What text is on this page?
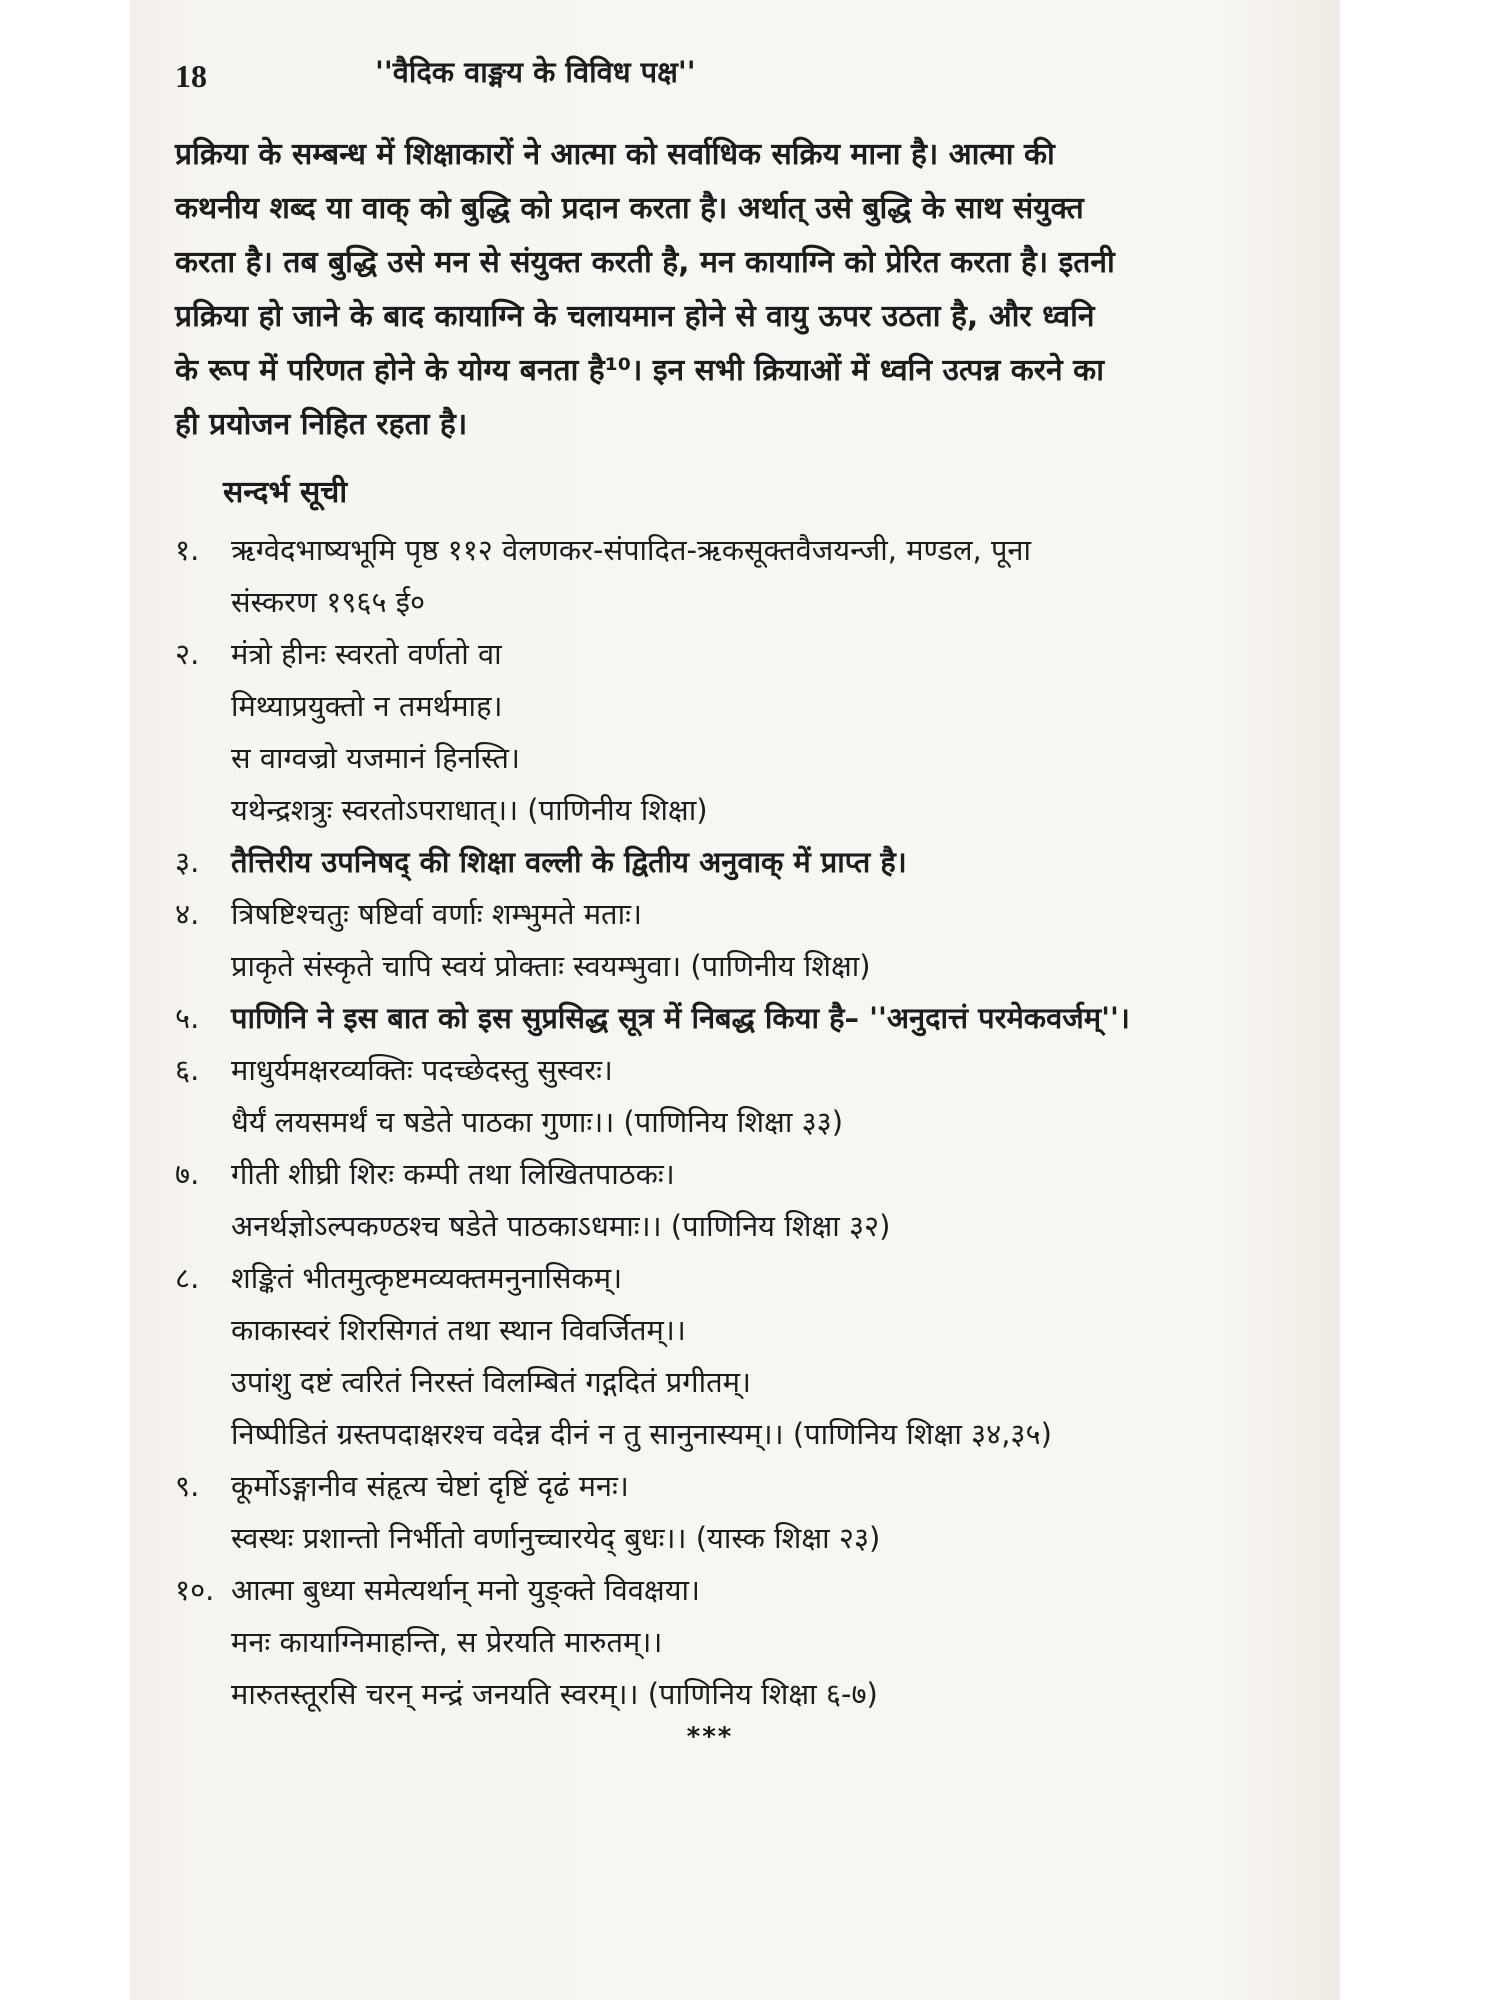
18	''वैदिक वाङ्मय के विविध पक्ष''
प्रक्रिया के सम्बन्ध में शिक्षाकारों ने आत्मा को सर्वाधिक सक्रिय माना है। आत्मा की
कथनीय शब्द या वाक् को बुद्धि को प्रदान करता है। अर्थात् उसे बुद्धि के साथ संयुक्त
करता है। तब बुद्धि उसे मन से संयुक्त करती है, मन कायाग्नि को प्रेरित करता है। इतनी
प्रक्रिया हो जाने के बाद कायाग्नि के चलायमान होने से वायु ऊपर उठता है, और ध्वनि
के रूप में परिणत होने के योग्य बनता है¹⁰। इन सभी क्रियाओं में ध्वनि उत्पन्न करने का
ही प्रयोजन निहित रहता है।
सन्दर्भ सूची
१.	ऋग्वेदभाष्यभूमि पृष्ठ ११२ वेलणकर-संपादित-ऋकसूक्तवैजयन्जी, मण्डल, पूना
संस्करण १९६५ ई०
२.	मंत्रो हीनः स्वरतो वर्णतो वा
मिथ्याप्रयुक्तो न तमर्थमाह।
स वाग्वज्रो यजमानं हिनस्ति।
यथेन्द्रशत्रुः स्वरतोऽपराधात्।। (पाणिनीय शिक्षा)
३.	तैत्तिरीय उपनिषद् की शिक्षा वल्ली के द्वितीय अनुवाक् में प्राप्त है।
४.	त्रिषष्टिश्चतुः षष्टिर्वा वर्णाः शम्भुमते मताः।
प्राकृते संस्कृते चापि स्वयं प्रोक्ताः स्वयम्भुवा। (पाणिनीय शिक्षा)
५.	पाणिनि ने इस बात को इस सुप्रसिद्ध सूत्र में निबद्ध किया है– ''अनुदात्तं परमेकवर्जम्''।
६.	माधुर्यमक्षरव्यक्तिः पदच्छेदस्तु सुस्वरः।
धैर्यं लयसमर्थं च षडेते पाठका गुणाः।। (पाणिनिय शिक्षा ३३)
७.	गीती शीघ्री शिरः कम्पी तथा लिखितपाठकः।
अनर्थज्ञोऽल्पकण्ठश्च षडेते पाठकाऽधमाः।। (पाणिनिय शिक्षा ३२)
८.	शङ्कितं भीतमुत्कृष्टमव्यक्तमनुनासिकम्।
काकास्वरं शिरसिगतं तथा स्थान विवर्जितम्।।
उपांशु दष्टं त्वरितं निरस्तं विलम्बितं गद्गदितं प्रगीतम्।
निष्पीडितं ग्रस्तपदाक्षरश्च वदेन्न दीनं न तु सानुनास्यम्।। (पाणिनिय शिक्षा ३४,३५)
९.	कूर्मोऽङ्गानीव संहृत्य चेष्टां दृष्टिं दृढं मनः।
स्वस्थः प्रशान्तो निर्भीतो वर्णानुच्चारयेद् बुधः।। (यास्क शिक्षा २३)
१०. आत्मा बुध्या समेत्यर्थान् मनो युङ्क्ते विवक्षया।
मनः कायाग्निमाहन्ति, स प्रेरयति मारुतम्।।
मारुतस्तूरसि चरन् मन्द्रं जनयति स्वरम्।। (पाणिनिय शिक्षा ६-७)
***
